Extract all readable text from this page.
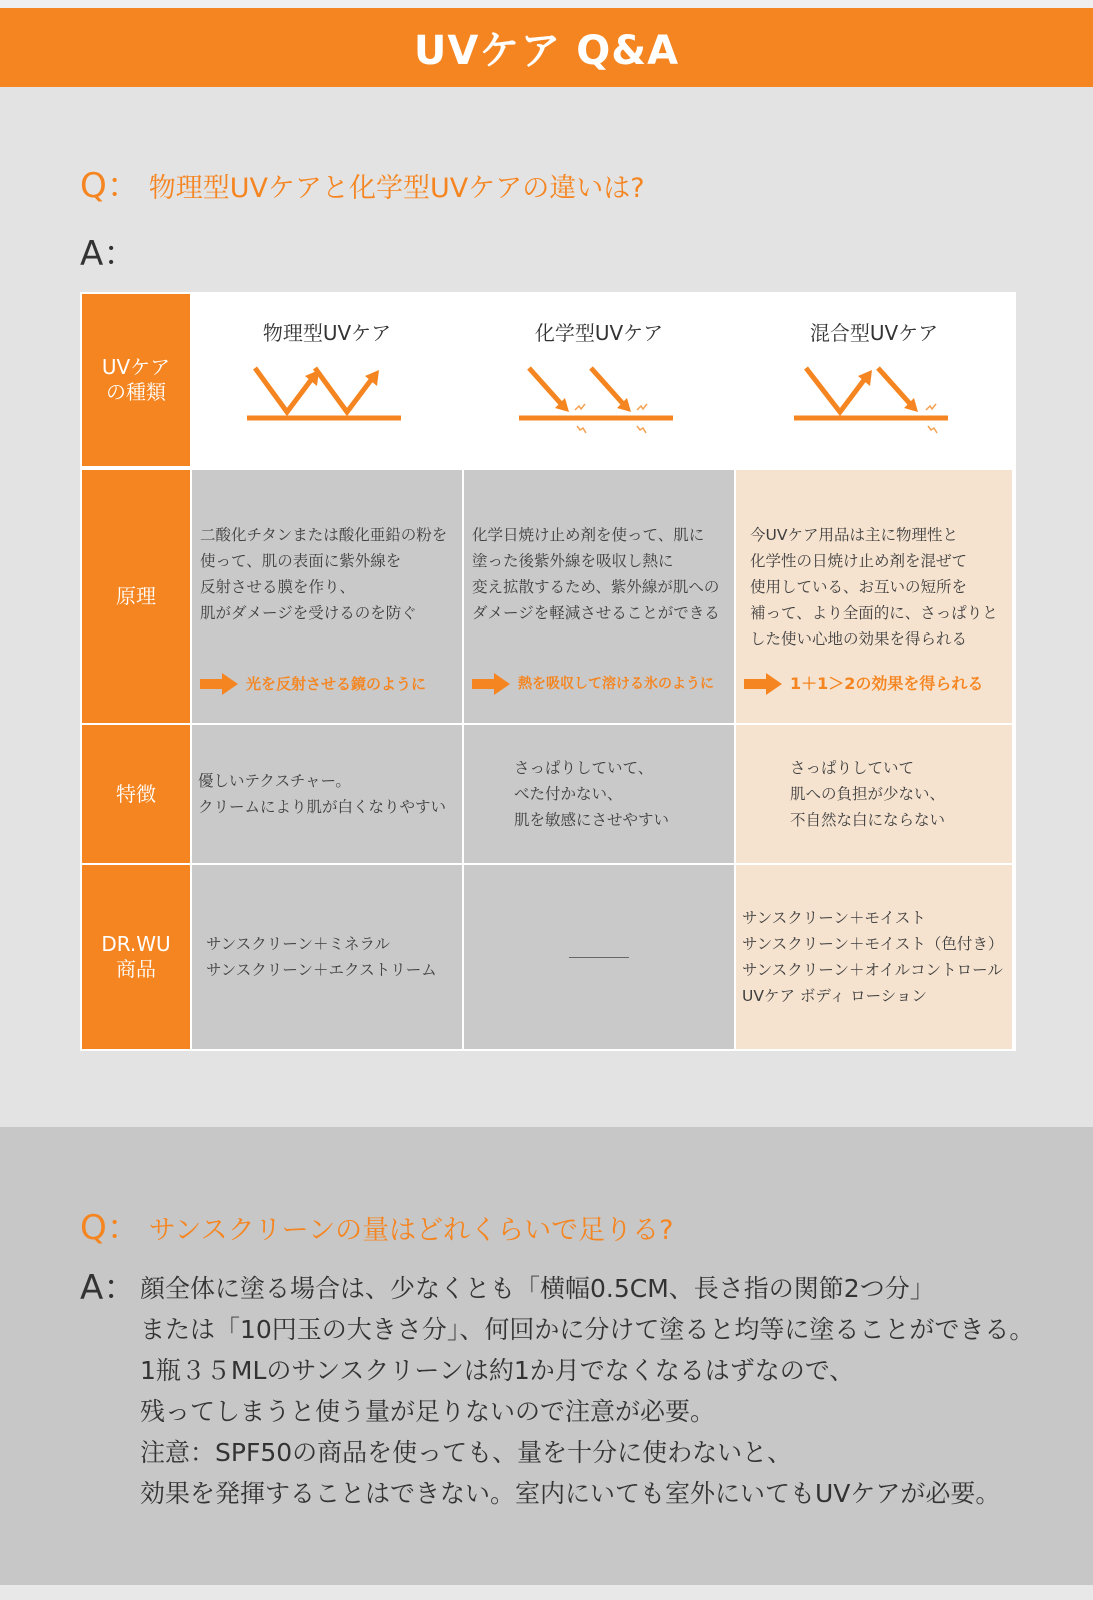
UVケア Q&A
Q： 物理型UVケアと化学型UVケアの違いは?
A：
UVケア
の種類
物理型UVケア	化学型UVケア	混合型UVケア
原理
二酸化チタンまたは酸化亜鉛の粉を
使って、肌の表面に紫外線を
反射させる膜を作り、
肌がダメージを受けるのを防ぐ
光を反射させる鏡のように
化学日焼け止め剤を使って、肌に
塗った後紫外線を吸収し熱に
変え拡散するため、紫外線が肌への
ダメージを軽減させることができる
熱を吸収して溶ける氷のように
今UVケア用品は主に物理性と
化学性の日焼け止め剤を混ぜて
使用している、お互いの短所を
補って、より全面的に、さっぱりと
した使い心地の効果を得られる
1＋1＞2の効果を得られる
特徴
優しいテクスチャー。
クリームにより肌が白くなりやすい
さっぱりしていて、
べた付かない、
肌を敏感にさせやすい
さっぱりしていて
肌への負担が少ない、
不自然な白にならない
DR.WU
商品
サンスクリーン＋ミネラル
サンスクリーン＋エクストリーム
サンスクリーン＋モイスト
サンスクリーン＋モイスト（色付き）
サンスクリーン＋オイルコントロール
UVケア ボディ ローション
Q： サンスクリーンの量はどれくらいで足りる?
A： 顔全体に塗る場合は、少なくとも「横幅0.5CM、長さ指の関節2つ分」
または「10円玉の大きさ分」、何回かに分けて塗ると均等に塗ることができる。
1瓶３５MLのサンスクリーンは約1か月でなくなるはずなので、
残ってしまうと使う量が足りないので注意が必要。
注意：SPF50の商品を使っても、量を十分に使わないと、
効果を発揮することはできない。室内にいても室外にいてもUVケアが必要。
